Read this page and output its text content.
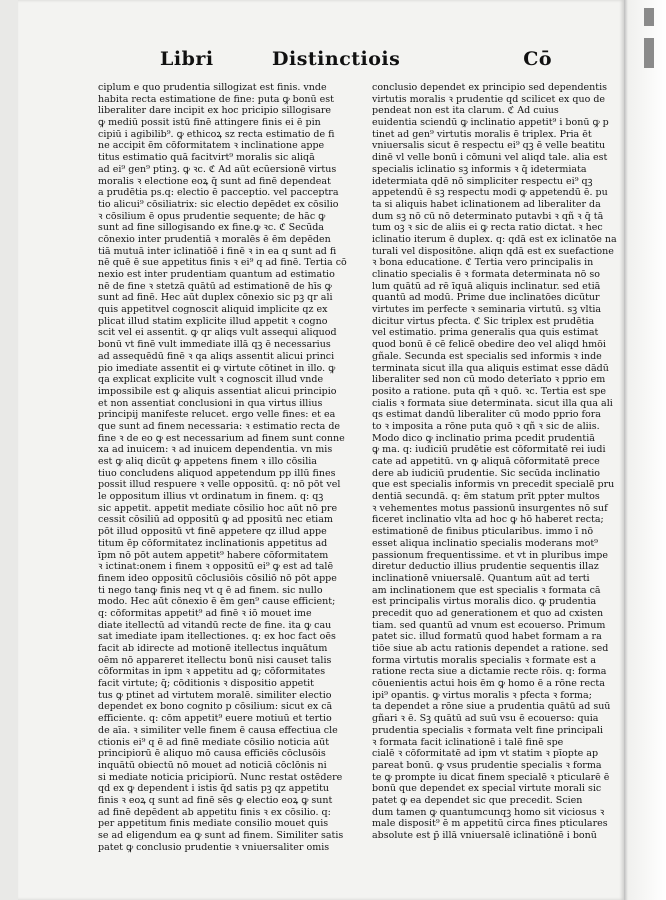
Libri	Distinctiois	Cō
ciplum e quo prudentia sillogizat est finis. vnde
habita recta estimatione de fine: puta ꝙ bonū est
liberaliter dare incipit ex hoc pricipio sillogisare
ꝙ mediū possit istū finē attingere finis ei ē pin
cipiū i agibilib⁹. ꝙ ethicoꝝ sz recta estimatio de fi
ne accipit ēm cōformitatem ꝛ inclinatione appe
titus estimatio quā facitvirt⁹ moralis sic aliqā
ad ei⁹ gen⁹ ptinꝫ. ꝙ ꝛc. ℭ Ad aūt ecūersionē virtus
moralis ꝛ electione eoꝝ q̄ sunt ad finē dependeat
a prudētia ps.q: electio ē pacceptio. vel pacceptra
tio alicui⁹ cōsiliatrix: sic electio depēdet ex cōsilio
ꝛ cōsilium ē opus prudentie sequente; de hāc ꝙ
sunt ad fine sillogisando ex fine.ꝙ ꝛc. ℭ Secūda
cōnexio inter prudentiā ꝛ moralēs ē ēm depēden
tiā mutuā inter iclinatiōē i finē ꝛ in ea q sunt ad fi
nē quē ē sue appetitus finis ꝛ ei⁹ q ad finē. Tertia cō
nexio est inter prudentiam quantum ad estimatio
nē de fine ꝛ stetzā quātū ad estimationē de hīs ꝙ
sunt ad finē. Hec aūt duplex cōnexio sic pꝫ qr ali
quis appetitvel cognoscit aliquid implicite qz ex
plicat illud statim explicite illud appetit ꝛ cogno
scit vel ei assentit. ꝙ qr aliqs vult assequi aliquod
bonū vt finē vult immediate illā qꝫ ē necessarius
ad assequēdū finē ꝛ qa aliqs assentit alicui princi
pio imediate assentit ei ꝙ virtute cōtinet in illo. ꝙ
qa explicat explicite vult ꝛ cognoscit illud vnde
impossibile est ꝙ aliquis assentiat alicui principio
et non assentiat conclusioni in qua virtus illius
principij manifeste relucet. ergo velle fines: et ea
que sunt ad finem necessaria: ꝛ estimatio recta de
fine ꝛ de eo ꝙ est necessarium ad finem sunt conne
xa ad inuicem: ꝛ ad inuicem dependentia. vn mis
est ꝙ aliq dicūt ꝙ appetens finem ꝛ illo cōsilia
tiuo concludens aliquod appetendum pp illū fines
possit illud respuere ꝛ velle oppositū. q: nō pōt vel
le oppositum illius vt ordinatum in finem. q: qꝫ
sic appetit. appetit mediate cōsilio hoc aūt nō pre
cessit cōsiliū ad oppositū ꝙ ad ppositū nec etiam
pōt illud oppositū vt finē appetere qz illud appe
titum ēp cōformitatez inclinationis appetitus ad
īpm nō pōt autem appetit⁹ habere cōformitatem
ꝛ ictinat:onem i finem ꝛ oppositū ei⁹ ꝙ est ad talē
finem ideo oppositū cōclusiōis cōsiliō nō pōt appe
ti nego tanꝙ finis neq vt q ē ad finem. sic nullo
modo. Hec aūt cōnexio ē ēm gen⁹ cause efficient;
q: cōformitas appetit⁹ ad finē ꝛ iō mouet ime
diate itellectū ad vitandū recte de fine. ita ꝙ cau
sat imediate ipam itellectiones. q: ex hoc fact oēs
facit ab idirecte ad motionē itellectus inquātum
oēm nō appareret itellectu bonū nisi causet talis
cōformitas in ipm ꝛ appetitu ad ꝙ; cōformitates
facit virtute; q̄; cōditionis ꝛ dispositio appetit
tus ꝙ ptinet ad virtutem moralē. similiter electio
dependet ex bono cognito p cōsilium: sicut ex cā
efficiente. q: cōm appetit⁹ euere motiuū et tertio
de aīa. ꝛ similiter velle finem ē causa effectiua cle
ctionis ei⁹ q ē ad finē mediate cōsilio noticia aūt
principiorū ē aliquo mō causa efficiēs cōclusōis
inquātū obiectū nō mouet ad noticiā cōclōnis ni
si mediate noticia pricipiorū. Nunc restat ostēdere
qd ex ꝙ dependent i istis q̄d satis pꝫ qz appetitu
finis ꝛ eoꝝ q sunt ad finē sēs ꝙ electio eoꝝ ꝙ sunt
ad finē depēdent ab appetitu finis ꝛ ex cōsilio. q:
per appetitum finis mediate consilio mouet quis
se ad eligendum ea ꝙ sunt ad finem. Similiter satis
patet ꝙ conclusio prudentie ꝛ vniuersaliter omis
conclusio dependet ex principio sed dependentis
virtutis moralis ꝛ prudentie qd scilicet ex quo de
pendeat non est ita clarum. ℭ Ad cuius
euidentia sciendū ꝙ inclinatio appetit⁹ i bonū ꝙ p
tinet ad gen⁹ virtutis moralis ē triplex. Pria ēt
vniuersalis sicut ē respectu ei⁹ qꝫ ē velle beatitu
dinē vl velle bonū i cōmuni vel aliqd tale. alia est
specialis iclinatio sꝫ informis ꝛ q̄ idetermiata
idetermiata qdē nō simpliciter respectu ei⁹ qꝫ
appetendū ē sꝫ respectu modi ꝙ appetendū ē. pu
ta si aliquis habet iclinationem ad liberaliter da
dum sꝫ nō cū nō determinato putavbi ꝛ qñ ꝛ q̄ tā
tum oꝫ ꝛ sic de aliis ei ꝙ recta ratio dictat. ꝛ hec
iclinatio iterum ē duplex. q: qdā est ex iclinatōe na
turali vel dispositōne. aliqn qdā est ex suefactione
ꝛ bona educatione. ℭ Tertia vero principalis in
clinatio specialis ē ꝛ formata determinata nō so
lum quātū ad rē īquā aliquis inclinatur. sed etiā
quantū ad modū. Prime due inclinatōes dicūtur
virtutes im perfecte ꝛ seminaria virtutū. sꝫ vltia
dicitur virtus pfecta. ℭ Sic triplex est prudētia
vel estimatio. prima generalis qua quis estimat
quod bonū ē cē felicē obedire deo vel aliqd hmōi
gñale. Secunda est specialis sed informis ꝛ inde
terminata sicut illa qua aliquis estimat esse dādū
liberaliter sed non cū modo deterīato ꝛ pprio em
posito a ratione. puta qñ ꝛ quō. ꝛc. Tertia est spe
cialis ꝛ formata siue determinata. sicut illa qua ali
qs estimat dandū liberaliter cū modo pprio fora
to ꝛ imposita a rōne puta quō ꝛ qñ ꝛ sic de aliis.
Modo dico ꝙ inclinatio prima pcedit prudentiā
ꝙ ma. q: iudiciū prudētie est cōformitatē rei iudi
cate ad appetitū. vn ꝙ aliquā cōformitatē prece
dere ab iudiciū prudentie. Sic secūda inclinatio
que est specialis informis vn precedit specialē pru
dentiā secundā. q: ēm statum prīt ppter multos
ꝛ vehementes motus passionū insurgentes nō suf
ficeret inclinatio vlta ad hoc ꝙ hō haberet recta;
estimationē de finibus pticularibus. immo ī nō
esset aliqua inclinatio specialis moderans mot⁹
passionum frequentissime. et vt in pluribus impe
diretur deductio illius prudentie sequentis illaz
inclinationē vniuersalē. Quantum aūt ad terti
am inclinationem que est specialis ꝛ formata cā
est principalis virtus moralis dico. ꝙ prudentia
precedit quo ad generationem et quo ad cxisten
tiam. sed quantū ad vnum est ecouerso. Primum
patet sic. illud formatū quod habet formam a ra
tiōe siue ab actu rationis dependet a ratione. sed
forma virtutis moralis specialis ꝛ formate est a
ratione recta siue a dictamie recte rōis. q: forma
cōuenientis actui hois ēm ꝙ homo ē a rōne recta
ipi⁹ opantis. ꝙ virtus moralis ꝛ pfecta ꝛ forma;
ta dependet a rōne siue a prudentia quātū ad suū
gñari ꝛ ē. Sꝫ quātū ad suū vsu ē ecouerso: quia
prudentia specialis ꝛ formata velt fine principali
ꝛ formata facit iclinationē i talē finē spe
cialē ꝛ cōformitatē ad ipm vt statim ꝛ pīopte ap
pareat bonū. ꝙ vsus prudentie specialis ꝛ forma
te ꝙ prompte iu dicat finem specialē ꝛ pticularē ē
bonū que dependet ex special virtute morali sic
patet ꝙ ea dependet sic que precedit. Scien
dum tamen ꝙ quantumcunqꝫ homo sit viciosus ꝛ
male disposit⁹ ē m appetitū circa fines pticulares
absolute est p̄ illā vniuersalē iclinatiōnē i bonū
